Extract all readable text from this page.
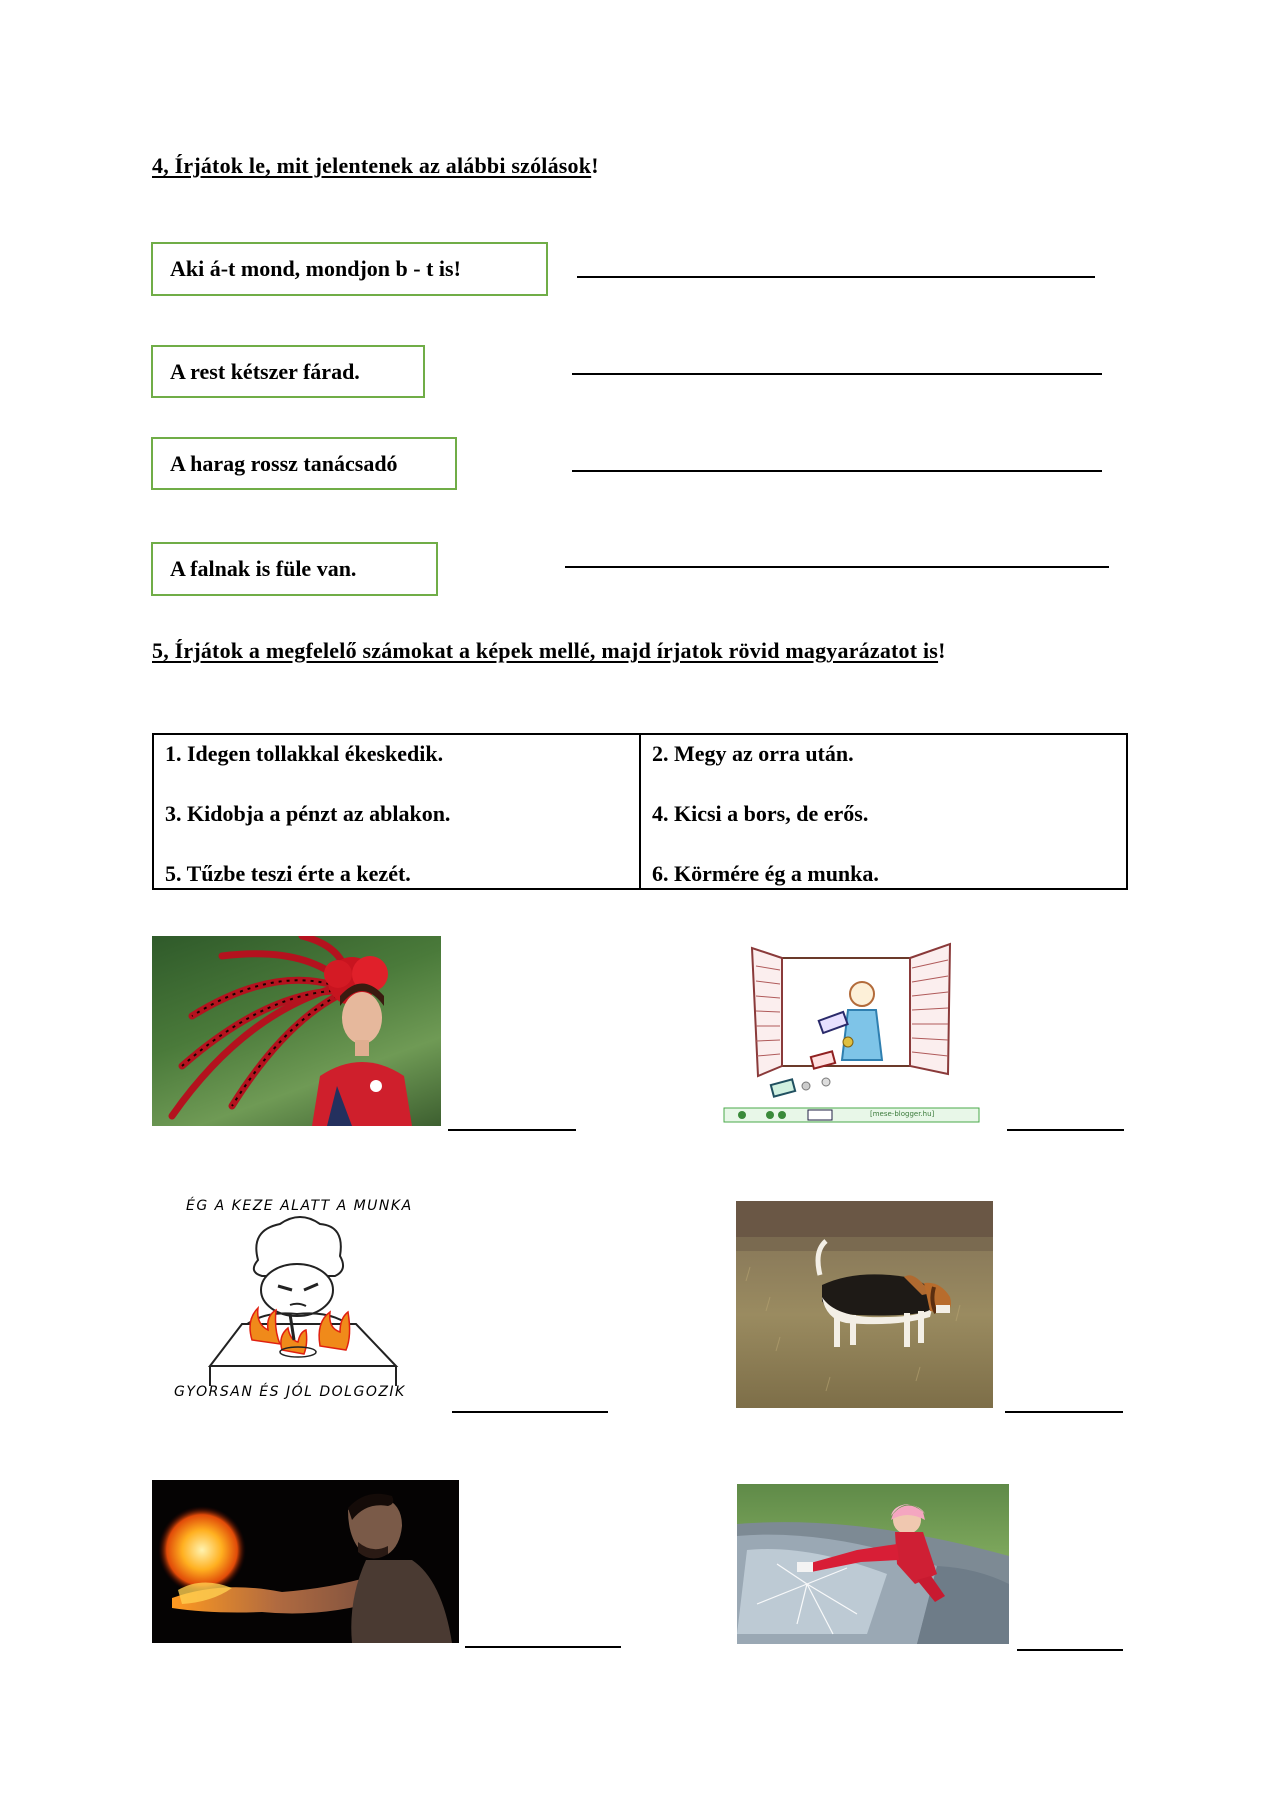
4, Írjátok le, mit jelentenek az alábbi szólások!
Aki á-t mond, mondjon b - t is!
A rest kétszer fárad.
A harag rossz tanácsadó
A falnak is füle van.
5, Írjátok a megfelelő számokat a képek mellé, majd írjatok rövid magyarázatot is!
1. Idegen tollakkal ékeskedik.
3. Kidobja a pénzt az ablakon.
5. Tűzbe teszi érte a kezét.

2. Megy az orra után.
4. Kicsi a bors, de erős.
6. Körmére ég a munka.
[mese-blogger.hu]
ÉG A KEZE ALATT A MUNKA
GYORSAN ÉS JÓL DOLGOZIK
